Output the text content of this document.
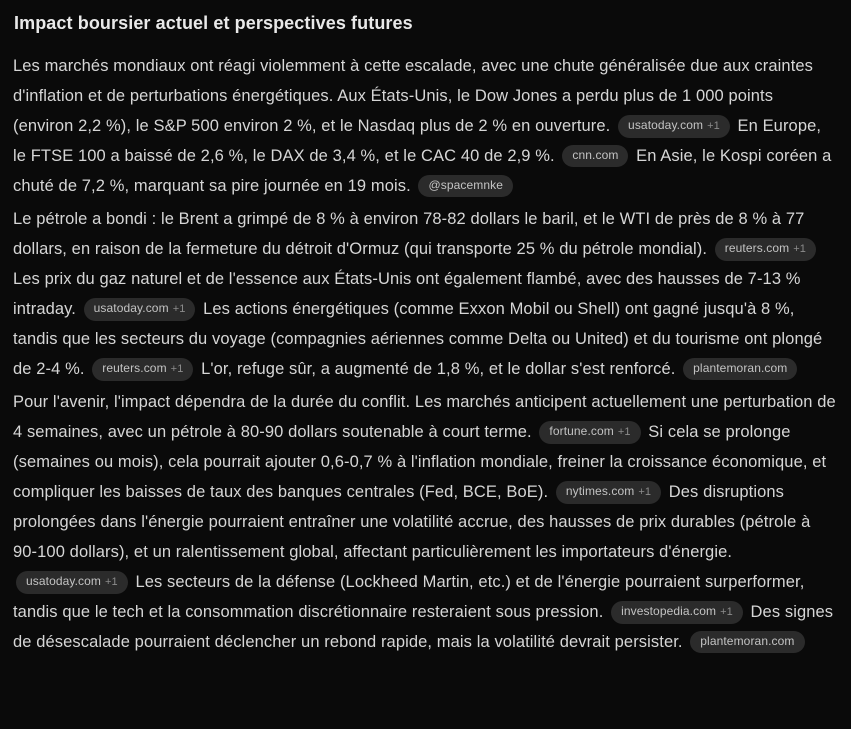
Impact boursier actuel et perspectives futures

Les marchés mondiaux ont réagi violemment à cette escalade, avec une chute généralisée due aux craintes d'inflation et de perturbations énergétiques. Aux États-Unis, le Dow Jones a perdu plus de 1 000 points (environ 2,2 %), le S&P 500 environ 2 %, et le Nasdaq plus de 2 % en ouverture. usatoday.com +1 En Europe, le FTSE 100 a baissé de 2,6 %, le DAX de 3,4 %, et le CAC 40 de 2,9 %. cnn.com En Asie, le Kospi coréen a chuté de 7,2 %, marquant sa pire journée en 19 mois. @spacemnke

Le pétrole a bondi : le Brent a grimpé de 8 % à environ 78-82 dollars le baril, et le WTI de près de 8 % à 77 dollars, en raison de la fermeture du détroit d'Ormuz (qui transporte 25 % du pétrole mondial). reuters.com +1 Les prix du gaz naturel et de l'essence aux États-Unis ont également flambé, avec des hausses de 7-13 % intraday. usatoday.com +1 Les actions énergétiques (comme Exxon Mobil ou Shell) ont gagné jusqu'à 8 %, tandis que les secteurs du voyage (compagnies aériennes comme Delta ou United) et du tourisme ont plongé de 2-4 %. reuters.com +1 L'or, refuge sûr, a augmenté de 1,8 %, et le dollar s'est renforcé. plantemoran.com

Pour l'avenir, l'impact dépendra de la durée du conflit. Les marchés anticipent actuellement une perturbation de 4 semaines, avec un pétrole à 80-90 dollars soutenable à court terme. fortune.com +1 Si cela se prolonge (semaines ou mois), cela pourrait ajouter 0,6-0,7 % à l'inflation mondiale, freiner la croissance économique, et compliquer les baisses de taux des banques centrales (Fed, BCE, BoE). nytimes.com +1 Des disruptions prolongées dans l'énergie pourraient entraîner une volatilité accrue, des hausses de prix durables (pétrole à 90-100 dollars), et un ralentissement global, affectant particulièrement les importateurs d'énergie. usatoday.com +1 Les secteurs de la défense (Lockheed Martin, etc.) et de l'énergie pourraient surperformer, tandis que le tech et la consommation discrétionnaire resteraient sous pression. investopedia.com +1 Des signes de désescalade pourraient déclencher un rebond rapide, mais la volatilité devrait persister. plantemoran.com
